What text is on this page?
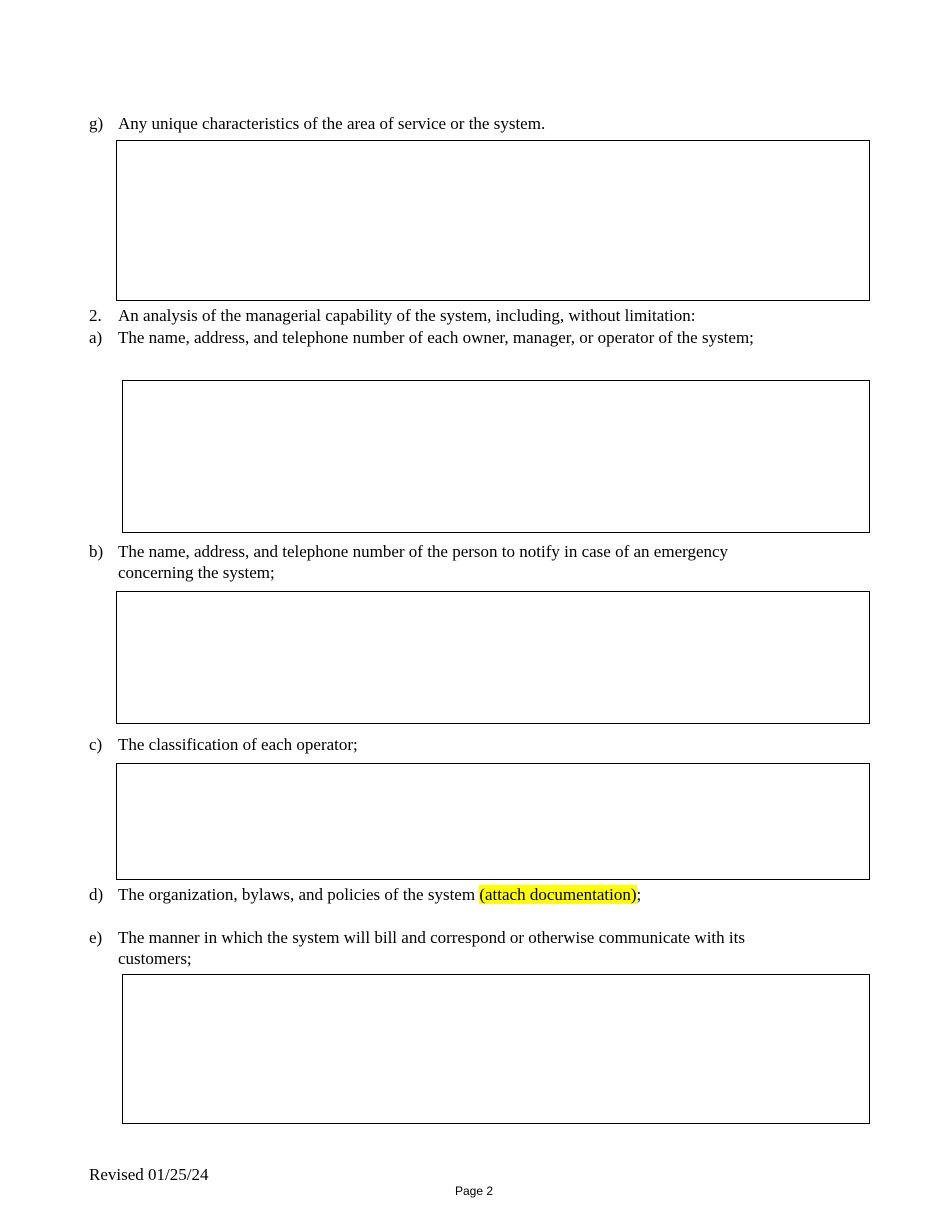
g) Any unique characteristics of the area of service or the system.
2. An analysis of the managerial capability of the system, including, without limitation:
a) The name, address, and telephone number of each owner, manager, or operator of the system;
b) The name, address, and telephone number of the person to notify in case of an emergency concerning the system;
c) The classification of each operator;
d) The organization, bylaws, and policies of the system (attach documentation);
e) The manner in which the system will bill and correspond or otherwise communicate with its customers;
Revised 01/25/24
Page 2
